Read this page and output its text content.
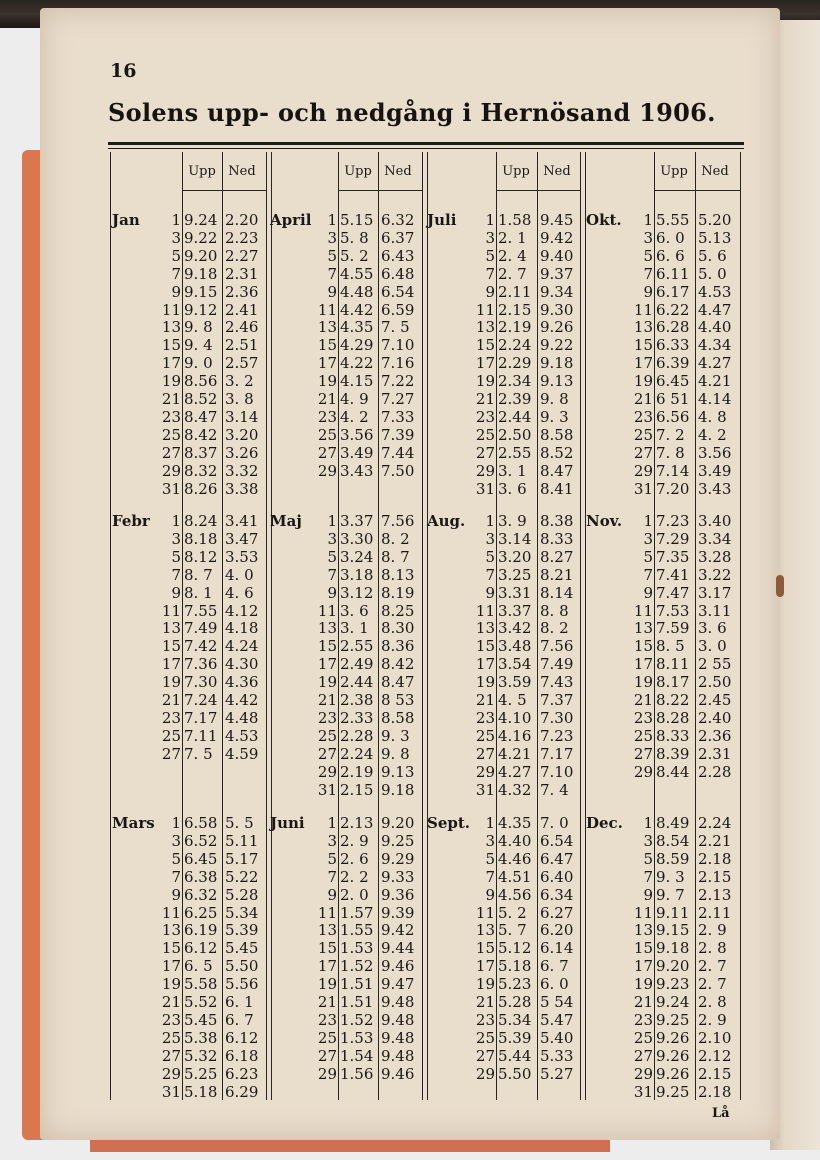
16
Solens upp- och nedgång i Hernösand 1906.
Upp Ned	Upp Ned	Upp	Ned	Upp	Ned
Jan 1 9.24 2.20
3 9.22 2.23
5 9.20 2.27
7 9.18 2.31
9 9.15 2.36
11 9.12 2.41
13 9. 8 2.46
15 9. 4 2.51
17 9. 0 2.57
19 8.56 3. 2
21 8.52 3. 8
23 8.47 3.14
25 8.42 3.20
27 8.37 3.26
29 8.32 3.32
31 8.26 3.38
Febr 1 8.24 3.41
3 8.18 3.47
5 8.12 3.53
7 8. 7 4. 0
9 8. 1 4. 6
11 7.55 4.12
13 7.49 4.18
15 7.42 4.24
17 7.36 4.30
19 7.30 4.36
21 7.24 4.42
23 7.17 4.48
25 7.11 4.53
27 7. 5 4.59
Mars 1 6.58 5. 5
3 6.52 5.11
5 6.45 5.17
7 6.38 5.22
9 6.32 5.28
11 6.25 5.34
13 6.19 5.39
15 6.12 5.45
17 6. 5 5.50
19 5.58 5.56
21 5.52 6. 1
23 5.45 6. 7
25 5.38 6.12
27 5.32 6.18
29 5.25 6.23
31 5.18 6.29
April 1 5.15 6.32
3 5. 8 6.37
5 5. 2 6.43
7 4.55 6.48
9 4.48 6.54
11 4.42 6.59
13 4.35 7. 5
15 4.29 7.10
17 4.22 7.16
19 4.15 7.22
21 4. 9 7.27
23 4. 2 7.33
25 3.56 7.39
27 3.49 7.44
29 3.43 7.50
Maj 1 3.37 7.56
3 3.30 8. 2
5 3.24 8. 7
7 3.18 8.13
9 3.12 8.19
11 3. 6 8.25
13 3. 1 8.30
15 2.55 8.36
17 2.49 8.42
19 2.44 8.47
21 2.38 8 53
23 2.33 8.58
25 2.28 9. 3
27 2.24 9. 8
29 2.19 9.13
31 2.15 9.18
Juni 1 2.13 9.20
3 2. 9 9.25
5 2. 6 9.29
7 2. 2 9.33
9 2. 0 9.36
11 1.57 9.39
13 1.55 9.42
15 1.53 9.44
17 1.52 9.46
19 1.51 9.47
21 1.51 9.48
23 1.52 9.48
25 1.53 9.48
27 1.54 9.48
29 1.56 9.46
Juli 1 1.58 9.45
3 2. 1 9.42
5 2. 4 9.40
7 2. 7 9.37
9 2.11 9.34
11 2.15 9.30
13 2.19 9.26
15 2.24 9.22
17 2.29 9.18
19 2.34 9.13
21 2.39 9. 8
23 2.44 9. 3
25 2.50 8.58
27 2.55 8.52
29 3. 1 8.47
31 3. 6 8.41
Aug. 1 3. 9 8.38
3 3.14 8.33
5 3.20 8.27
7 3.25 8.21
9 3.31 8.14
11 3.37 8. 8
13 3.42 8. 2
15 3.48 7.56
17 3.54 7.49
19 3.59 7.43
21 4. 5 7.37
23 4.10 7.30
25 4.16 7.23
27 4.21 7.17
29 4.27 7.10
31 4.32 7. 4
Sept. 1 4.35 7. 0
3 4.40 6.54
5 4.46 6.47
7 4.51 6.40
9 4.56 6.34
11 5. 2 6.27
13 5. 7 6.20
15 5.12 6.14
17 5.18 6. 7
19 5.23 6. 0
21 5.28 5 54
23 5.34 5.47
25 5.39 5.40
27 5.44 5.33
29 5.50 5.27
Okt. 1 5.55 5.20
3 6. 0 5.13
5 6. 6 5. 6
7 6.11 5. 0
9 6.17 4.53
11 6.22 4.47
13 6.28 4.40
15 6.33 4.34
17 6.39 4.27
19 6.45 4.21
21 6 51 4.14
23 6.56 4. 8
25 7. 2 4. 2
27 7. 8 3.56
29 7.14 3.49
31 7.20 3.43
Nov. 1 7.23 3.40
3 7.29 3.34
5 7.35 3.28
7 7.41 3.22
9 7.47 3.17
11 7.53 3.11
13 7.59 3. 6
15 8. 5 3. 0
17 8.11 2 55
19 8.17 2.50
21 8.22 2.45
23 8.28 2.40
25 8.33 2.36
27 8.39 2.31
29 8.44 2.28
Dec. 1 8.49 2.24
3 8.54 2.21
5 8.59 2.18
7 9. 3 2.15
9 9. 7 2.13
11 9.11 2.11
13 9.15 2. 9
15 9.18 2. 8
17 9.20 2. 7
19 9.23 2. 7
21 9.24 2. 8
23 9.25 2. 9
25 9.26 2.10
27 9.26 2.12
29 9.26 2.15
31 9.25 2.18
Lå
